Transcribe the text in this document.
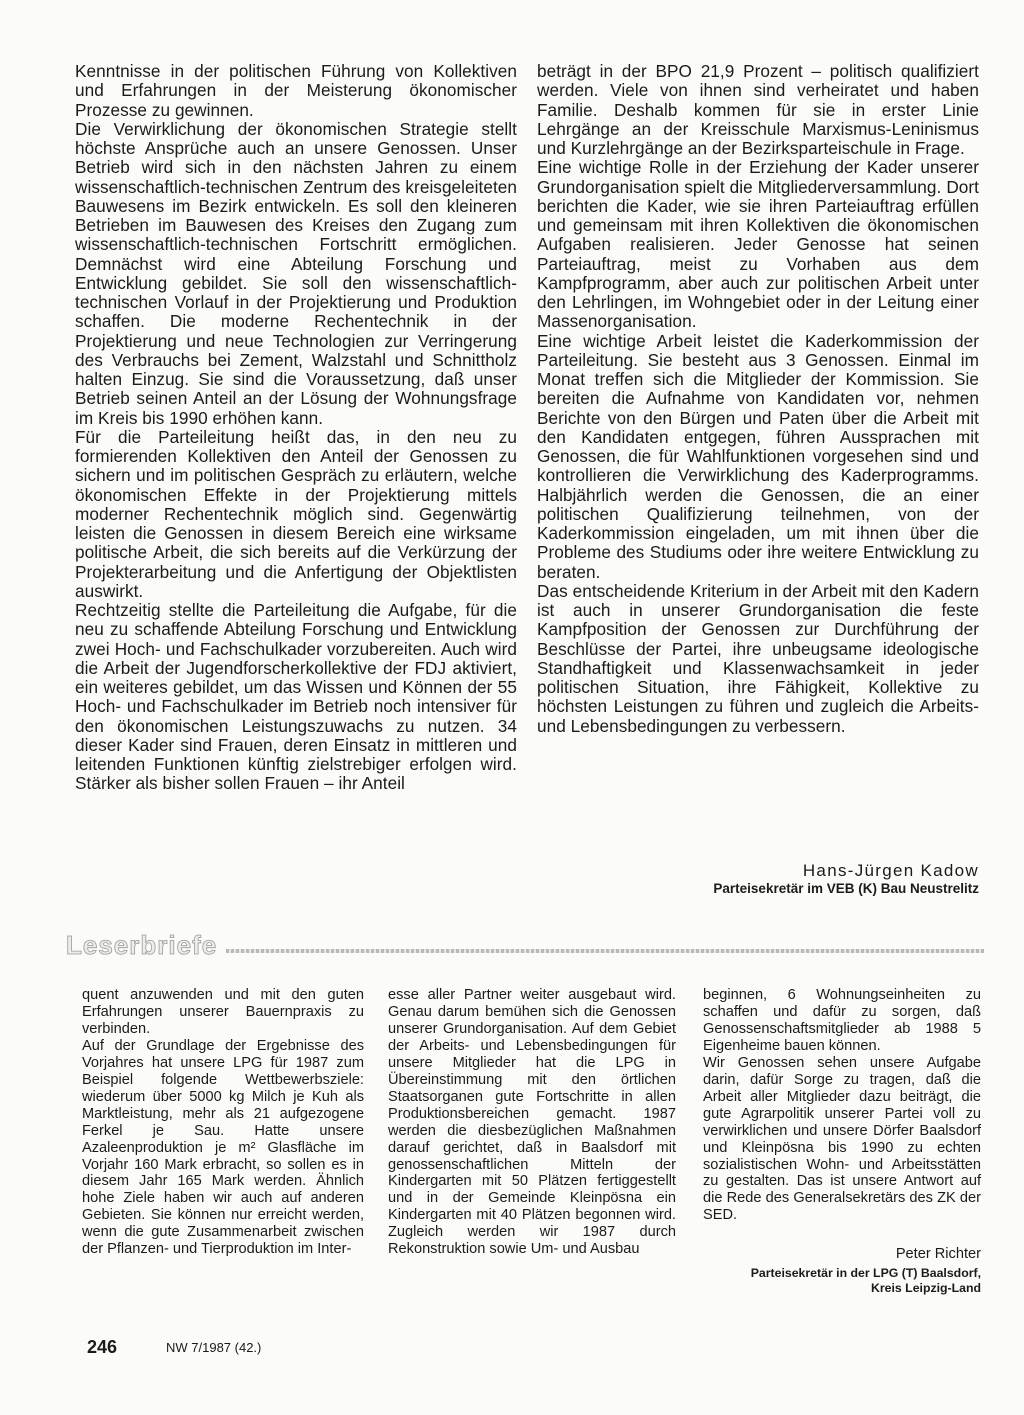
Kenntnisse in der politischen Führung von Kollektiven und Erfahrungen in der Meisterung ökonomischer Prozesse zu gewinnen.

Die Verwirklichung der ökonomischen Strategie stellt höchste Ansprüche auch an unsere Genossen. Unser Betrieb wird sich in den nächsten Jahren zu einem wissenschaftlich-technischen Zentrum des kreisgeleiteten Bauwesens im Bezirk entwickeln. Es soll den kleineren Betrieben im Bauwesen des Kreises den Zugang zum wissenschaftlich-technischen Fortschritt ermöglichen. Demnächst wird eine Abteilung Forschung und Entwicklung gebildet. Sie soll den wissenschaftlich-technischen Vorlauf in der Projektierung und Produktion schaffen. Die moderne Rechentechnik in der Projektierung und neue Technologien zur Verringerung des Verbrauchs bei Zement, Walzstahl und Schnittholz halten Einzug. Sie sind die Voraussetzung, daß unser Betrieb seinen Anteil an der Lösung der Wohnungsfrage im Kreis bis 1990 erhöhen kann.

Für die Parteileitung heißt das, in den neu zu formierenden Kollektiven den Anteil der Genossen zu sichern und im politischen Gespräch zu erläutern, welche ökonomischen Effekte in der Projektierung mittels moderner Rechentechnik möglich sind. Gegenwärtig leisten die Genossen in diesem Bereich eine wirksame politische Arbeit, die sich bereits auf die Verkürzung der Projekterarbeitung und die Anfertigung der Objektlisten auswirkt.

Rechtzeitig stellte die Parteileitung die Aufgabe, für die neu zu schaffende Abteilung Forschung und Entwicklung zwei Hoch- und Fachschulkader vorzubereiten. Auch wird die Arbeit der Jugendforscherkollektive der FDJ aktiviert, ein weiteres gebildet, um das Wissen und Können der 55 Hoch- und Fachschulkader im Betrieb noch intensiver für den ökonomischen Leistungszuwachs zu nutzen. 34 dieser Kader sind Frauen, deren Einsatz in mittleren und leitenden Funktionen künftig zielstrebiger erfolgen wird. Stärker als bisher sollen Frauen – ihr Anteil

beträgt in der BPO 21,9 Prozent – politisch qualifiziert werden. Viele von ihnen sind verheiratet und haben Familie. Deshalb kommen für sie in erster Linie Lehrgänge an der Kreisschule Marxismus-Leninismus und Kurzlehrgänge an der Bezirksparteischule in Frage.

Eine wichtige Rolle in der Erziehung der Kader unserer Grundorganisation spielt die Mitgliederversammlung. Dort berichten die Kader, wie sie ihren Parteiauftrag erfüllen und gemeinsam mit ihren Kollektiven die ökonomischen Aufgaben realisieren. Jeder Genosse hat seinen Parteiauftrag, meist zu Vorhaben aus dem Kampfprogramm, aber auch zur politischen Arbeit unter den Lehrlingen, im Wohngebiet oder in der Leitung einer Massenorganisation.

Eine wichtige Arbeit leistet die Kaderkommission der Parteileitung. Sie besteht aus 3 Genossen. Einmal im Monat treffen sich die Mitglieder der Kommission. Sie bereiten die Aufnahme von Kandidaten vor, nehmen Berichte von den Bürgen und Paten über die Arbeit mit den Kandidaten entgegen, führen Aussprachen mit Genossen, die für Wahlfunktionen vorgesehen sind und kontrollieren die Verwirklichung des Kaderprogramms. Halbjährlich werden die Genossen, die an einer politischen Qualifizierung teilnehmen, von der Kaderkommission eingeladen, um mit ihnen über die Probleme des Studiums oder ihre weitere Entwicklung zu beraten.

Das entscheidende Kriterium in der Arbeit mit den Kadern ist auch in unserer Grundorganisation die feste Kampfposition der Genossen zur Durchführung der Beschlüsse der Partei, ihre unbeugsame ideologische Standhaftigkeit und Klassenwachsamkeit in jeder politischen Situation, ihre Fähigkeit, Kollektive zu höchsten Leistungen zu führen und zugleich die Arbeits- und Lebensbedingungen zu verbessern.

Hans-Jürgen Kadow
Parteisekretär im VEB (K) Bau Neustrelitz
Leserbriefe

quent anzuwenden und mit den guten Erfahrungen unserer Bauernpraxis zu verbinden.

Auf der Grundlage der Ergebnisse des Vorjahres hat unsere LPG für 1987 zum Beispiel folgende Wettbewerbsziele: wiederum über 5000 kg Milch je Kuh als Marktleistung, mehr als 21 aufgezogene Ferkel je Sau. Hatte unsere Azaleenproduktion je m² Glasfläche im Vorjahr 160 Mark erbracht, so sollen es in diesem Jahr 165 Mark werden. Ähnlich hohe Ziele haben wir auch auf anderen Gebieten. Sie können nur erreicht werden, wenn die gute Zusammenarbeit zwischen der Pflanzen- und Tierproduktion im Inter-

esse aller Partner weiter ausgebaut wird. Genau darum bemühen sich die Genossen unserer Grundorganisation. Auf dem Gebiet der Arbeits- und Lebensbedingungen für unsere Mitglieder hat die LPG in Übereinstimmung mit den örtlichen Staatsorganen gute Fortschritte in allen Produktionsbereichen gemacht. 1987 werden die diesbezüglichen Maßnahmen darauf gerichtet, daß in Baalsdorf mit genossenschaftlichen Mitteln der Kindergarten mit 50 Plätzen fertiggestellt und in der Gemeinde Kleinpösna ein Kindergarten mit 40 Plätzen begonnen wird. Zugleich werden wir 1987 durch Rekonstruktion sowie Um- und Ausbau

beginnen, 6 Wohnungseinheiten zu schaffen und dafür zu sorgen, daß Genossenschaftsmitglieder ab 1988 5 Eigenheime bauen können.

Wir Genossen sehen unsere Aufgabe darin, dafür Sorge zu tragen, daß die Arbeit aller Mitglieder dazu beiträgt, die gute Agrarpolitik unserer Partei voll zu verwirklichen und unsere Dörfer Baalsdorf und Kleinpösna bis 1990 zu echten sozialistischen Wohn- und Arbeitsstätten zu gestalten. Das ist unsere Antwort auf die Rede des Generalsekretärs des ZK der SED.

Peter Richter
Parteisekretär in der LPG (T) Baalsdorf,
Kreis Leipzig-Land
246	NW 7/1987 (42.)
